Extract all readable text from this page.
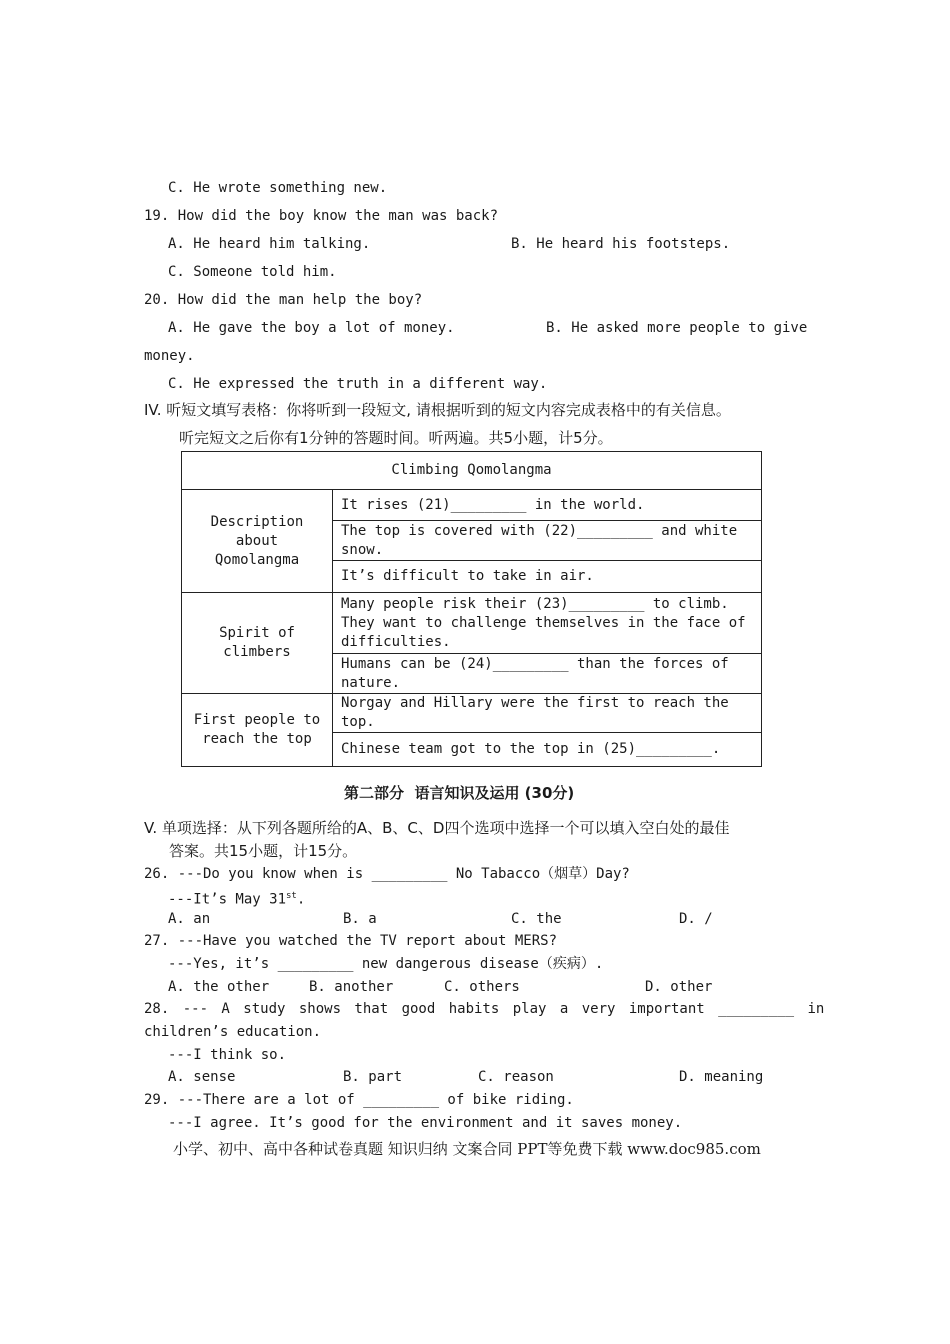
C. He wrote something new.
19. How did the boy know the man was back?
A. He heard him talking.	B. He heard his footsteps.
C. Someone told him.
20. How did the man help the boy?
A. He gave the boy a lot of money.	B. He asked more people to give
money.
C. He expressed the truth in a different way.
IV. 听短文填写表格：你将听到一段短文, 请根据听到的短文内容完成表格中的有关信息。
听完短文之后你有1分钟的答题时间。听两遍。共5小题，计5分。
Climbing Qomolangma	
Description
about
Qomolangma	It rises (21)_________ in the world.
	The top is covered with (22)_________ and white snow.
	It’s difficult to take in air.
Spirit of
climbers	Many people risk their (23)_________ to climb. They want to challenge themselves in the face of difficulties.
	Humans can be (24)_________ than the forces of nature.
First people to
reach the top	Norgay and Hillary were the first to reach the top.
	Chinese team got to the top in (25)_________.
第二部分  语言知识及运用 (30分)
V. 单项选择：从下列各题所给的A、B、C、D四个选项中选择一个可以填入空白处的最佳
答案。共15小题，计15分。
26. ---Do you know when is _________ No Tabacco（烟草）Day?
---It’s May 31st.
A. an	B. a	C. the	D. /
27. ---Have you watched the TV report about MERS?
---Yes, it’s _________ new dangerous disease（疾病）.
A. the other	B. another	C. others	D. other
28. --- A study shows that good habits play a very important _________ in
children’s education.
---I think so.
A. sense	B. part	C. reason	D. meaning
29. ---There are a lot of _________ of bike riding.
---I agree. It’s good for the environment and it saves money.
小学、初中、高中各种试卷真题 知识归纳 文案合同 PPT等免费下载 www.doc985.com
